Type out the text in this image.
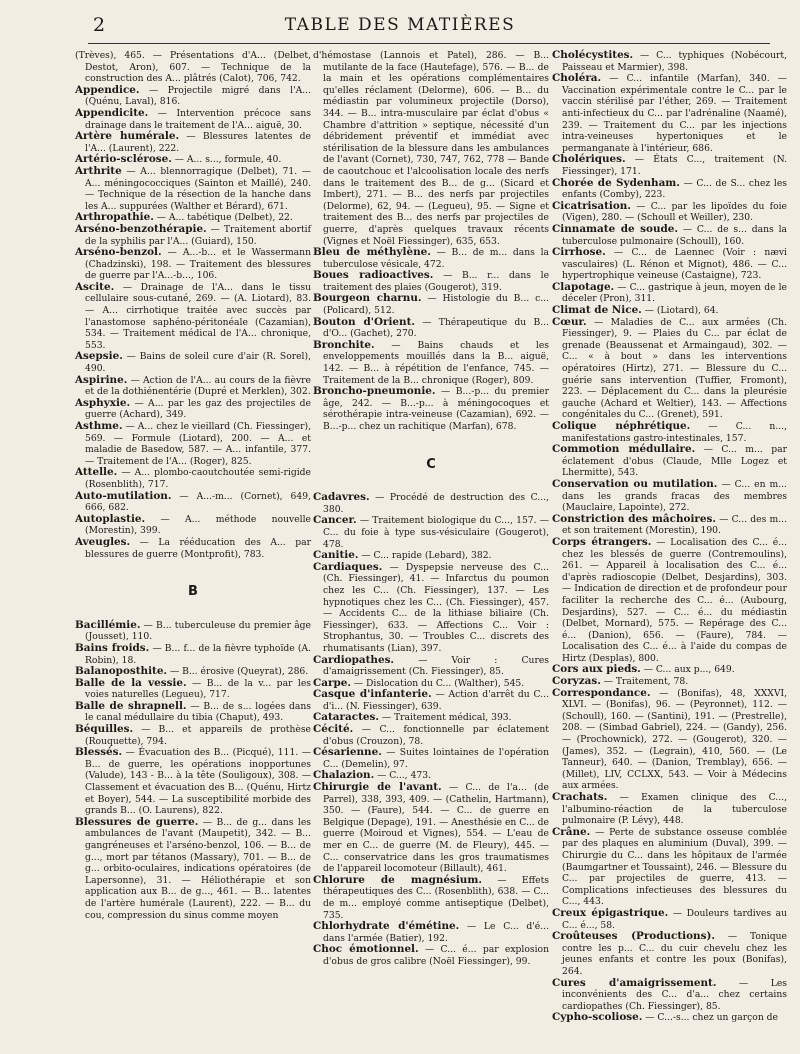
2	TABLE DES MATIÈRES
(Trèves), 465. — Présentations d'A... (Delbet, Destot, Aron), 607. — Technique de la construction des A... plâtrés (Calot), 706, 742.
Appendice. — Projectile migré dans l'A... (Quénu, Laval), 816.
Appendicite. — Intervention précoce sans drainage dans le traitement de l'A... aiguë, 30.
Artère humérale. — Blessures latentes de l'A... (Laurent), 222.
Artério-sclérose. — A... s..., formule, 40.
Arthrite — A... blennorragique (Delbet), 71. — A... méningococciques (Sainton et Maillé), 240. — Technique de la résection de la hanche dans les A... suppurées (Walther et Bérard), 671.
Arthropathie. — A... tabétique (Delbet), 22.
Arséno-benzothérapie. — Traitement abortif de la syphilis par l'A... (Guiard), 150.
Arséno-benzol. — A...-b... et le Wassermann (Chadzinski), 198. — Traitement des blessures de guerre par l'A...-b..., 106.
Ascite. — Drainage de l'A... dans le tissu cellulaire sous-cutané, 269. — (A. Liotard), 83. — A... cirrhotique traitée avec succès par l'anastomose saphéno-péritonéale (Cazamian), 534. — Traitement médical de l'A... chronique, 553.
Asepsie. — Bains de soleil cure d'air (R. Sorel), 490.
Aspirine. — Action de l'A... au cours de la fièvre et de la dothiénentérie (Dupré et Merklen), 302.
Asphyxie. — A... par les gaz des projectiles de guerre (Achard), 349.
Asthme. — A... chez le vieillard (Ch. Fiessinger), 569. — Formule (Liotard), 200. — A... et maladie de Basedow, 587. — A... infantile, 377. — Traitement de l'A... (Roger), 825.
Attelle. — A... plombo-caoutchoutée semi-rigide (Rosenblith), 717.
Auto-mutilation. — A...-m... (Cornet), 649, 666, 682.
Autoplastie. — A... méthode nouvelle (Morestin), 399.
Aveugles. — La rééducation des A... par blessures de guerre (Montprofit), 783.
B
Bacillémie. — B... tuberculeuse du premier âge (Jousset), 110.
Bains froids. — B... f... de la fièvre typhoïde (A. Robin), 18.
Balanoposthite. — B... érosive (Queyrat), 286.
Balle de la vessie. — B... de la v... par les voies naturelles (Legueu), 717.
Balle de shrapnell. — B... de s... logées dans le canal médullaire du tibia (Chaput), 493.
Béquilles. — B... et appareils de prothèse (Rouquette), 794.
Blessés. — Évacuation des B... (Picqué), 111. — B... de guerre, les opérations inopportunes (Valude), 143 - B... à la tête (Souligoux), 308. — Classement et évacuation des B... (Quénu, Hirtz et Boyer), 544. — La susceptibilité morbide des grands B... (O. Laurens), 822.
Blessures de guerre. — B... de g... dans les ambulances de l'avant (Maupetit), 342. — B... gangréneuses et l'arséno-benzol, 106. — B... de g..., mort par tétanos (Massary), 701. — B... de g... orbito-oculaires, indications opératoires (de Lapersonne), 31. — Héliothérapie et son application aux B... de g..., 461. — B... latentes de l'artère humérale (Laurent), 222. — B... du cou, compression du sinus comme moyen
d'hémostase (Lannois et Patel), 286. — B... mutilante de la face (Hautefage), 576. — B... de la main et les opérations complémentaires qu'elles réclament (Delorme), 606. — B... du médiastin par volumineux projectile (Dorso), 344. — B... intra-musculaire par éclat d'obus « Chambre d'attrition » septique, nécessité d'un débridement préventif et immédiat avec stérilisation de la blessure dans les ambulances de l'avant (Cornet), 730, 747, 762, 778 — Bande de caoutchouc et l'alcoolisation locale des nerfs dans le traitement des B... de g... (Sicard et Imbert), 271. — B... des nerfs par projectiles (Delorme), 62, 94. — (Legueu), 95. — Signe et traitement des B... des nerfs par projectiles de guerre, d'après quelques travaux récents (Vignes et Noël Fiessinger), 635, 653.
Bleu de méthylène. — B... de m... dans la tuberculose vésicale, 472.
Boues radioactives. — B... r... dans le traitement des plaies (Gougerot), 319.
Bourgeon charnu. — Histologie du B... c... (Policard), 512.
Bouton d'Orient. — Thérapeutique du B... d'O... (Gachet), 270.
Bronchite. — Bains chauds et les enveloppements mouillés dans la B... aiguë, 142. — B... à répétition de l'enfance, 745. — Traitement de la B... chronique (Roger), 809.
Broncho-pneumonie. — B...-p... du premier âge, 242. — B...-p... à méningocoques et sérothérapie intra-veineuse (Cazamian), 692. — B...-p... chez un rachitique (Marfan), 678.
C
Cadavres. — Procédé de destruction des C..., 380.
Cancer. — Traitement biologique du C..., 157. — C... du foie à type sus-vésiculaire (Gougerot), 478.
Canitie. — C... rapide (Lebard), 382.
Cardiaques. — Dyspepsie nerveuse des C... (Ch. Fiessinger), 41. — Infarctus du poumon chez les C... (Ch. Fiessinger), 137. — Les hypnotiques chez les C... (Ch. Fiessinger), 457. — Accidents C... de la lithiase biliaire (Ch. Fiessinger), 633. — Affections C... Voir : Strophantus, 30. — Troubles C... discrets des rhumatisants (Lian), 397.
Cardiopathes. — Voir : Cures d'amaigrissement (Ch. Fiessinger), 85.
Carpe. — Dislocation du C... (Walther), 545.
Casque d'infanterie. — Action d'arrêt du C... d'i... (N. Fiessinger), 639.
Cataractes. — Traitement médical, 393.
Cécité. — C... fonctionnelle par éclatement d'obus (Crouzon), 78.
Césarienne. — Suites lointaines de l'opération C... (Demelin), 97.
Chalazion. — C..., 473.
Chirurgie de l'avant. — C... de l'a... (de Parrel), 338, 393, 409. — (Cathelin, Hartmann), 350. — (Faure), 544. — C... de guerre en Belgique (Depage), 191. — Anesthésie en C... de guerre (Moiroud et Vignes), 554. — L'eau de mer en C... de guerre (M. de Fleury), 445. — C... conservatrice dans les gros traumatismes de l'appareil locomoteur (Billault), 461.
Chlorure de magnésium. — Effets thérapeutiques des C... (Rosenblith), 638. — C... de m... employé comme antiseptique (Delbet), 735.
Chlorhydrate d'émétine. — Le C... d'é... dans l'armée (Batier), 192.
Choc émotionnel. — C... é... par explosion d'obus de gros calibre (Noël Fiessinger), 99.
Cholécystites. — C... typhiques (Nobécourt, Paisseau et Marmier), 398.
Choléra. — C... infantile (Marfan), 340. — Vaccination expérimentale contre le C... par le vaccin stérilisé par l'éther, 269. — Traitement anti-infectieux du C... par l'adrénaline (Naamé), 239. — Traitement du C... par les injections intra-veineuses hypertoniques et le permanganate à l'intérieur, 686.
Cholériques. — États C..., traitement (N. Fiessinger), 171.
Chorée de Sydenham. — C... de S... chez les enfants (Comby), 223.
Cicatrisation. — C... par les lipoïdes du foie (Vigen), 280. — (Schoull et Weiller), 230.
Cinnamate de soude. — C... de s... dans la tuberculose pulmonaire (Schoull), 160.
Cirrhose. — C... de Laennec (Voir : nævi vasculaires) (L. Rénon et Mignot), 486. — C... hypertrophique veineuse (Castaigne), 723.
Clapotage. — C... gastrique à jeun, moyen de le déceler (Pron), 311.
Climat de Nice. — (Liotard), 64.
Cœur. — Maladies de C... aux armées (Ch. Fiessinger), 9. — Plaies du C... par éclat de grenade (Beaussenat et Armaingaud), 302. — C... « à bout » dans les interventions opératoires (Hirtz), 271. — Blessure du C... guérie sans intervention (Tuffier, Fromont), 223. — Déplacement du C... dans la pleurésie gauche (Achard et Weltier), 143. — Affections congénitales du C... (Grenet), 591.
Colique néphrétique. — C... n..., manifestations gastro-intestinales, 157.
Commotion médullaire. — C... m... par éclatement d'obus (Claude, Mlle Logez et Lhermitte), 543.
Conservation ou mutilation. — C... en m... dans les grands fracas des membres (Mauclaire, Lapointe), 272.
Constriction des mâchoires. — C... des m... et son traitement (Morestin), 190.
Corps étrangers. — Localisation des C... é... chez les blessés de guerre (Contremoulins), 261. — Appareil à localisation des C... é... d'après radioscopie (Delbet, Desjardins), 303. — Indication de direction et de profondeur pour faciliter la recherche des C... é... (Aubourg, Desjardins), 527. — C... é... du médiastin (Delbet, Mornard), 575. — Repérage des C... é... (Danion), 656. — (Faure), 784. — Localisation des C... é... à l'aide du compas de Hirtz (Desplas), 800.
Cors aux pieds. — C... aux p..., 649.
Coryzas. — Traitement, 78.
Correspondance. — (Bonifas), 48, XXXVI, XLVI. — (Bonifas), 96. — (Peyronnet), 112. — (Schoull), 160. — (Santini), 191. — (Prestrelle), 208. — (Simbad Gabriel), 224. — (Gandy), 256. — (Prochownick), 272. — (Gougerot), 320. — (James), 352. — (Legrain), 410, 560. — (Le Tanneur), 640. — (Danion, Tremblay), 656. — (Millet), LIV, CCLXX, 543. — Voir à Médecins aux armées.
Crachats. — Examen clinique des C..., l'albumino-réaction de la tuberculose pulmonaire (P. Lévy), 448.
Crâne. — Perte de substance osseuse comblée par des plaques en aluminium (Duval), 399. — Chirurgie du C... dans les hôpitaux de l'armée (Baumgartner et Toussaint), 246. — Blessure du C... par projectiles de guerre, 413. — Complications infectieuses des blessures du C..., 443.
Creux épigastrique. — Douleurs tardives au C... é..., 58.
Croûteuses (Productions). — Tonique contre les p... C... du cuir chevelu chez les jeunes enfants et contre les poux (Bonifas), 264.
Cures d'amaigrissement. — Les inconvénients des C... d'a... chez certains cardiopathes (Ch. Fiessinger), 85.
Cypho-scoliose. — C...-s... chez un garçon de
